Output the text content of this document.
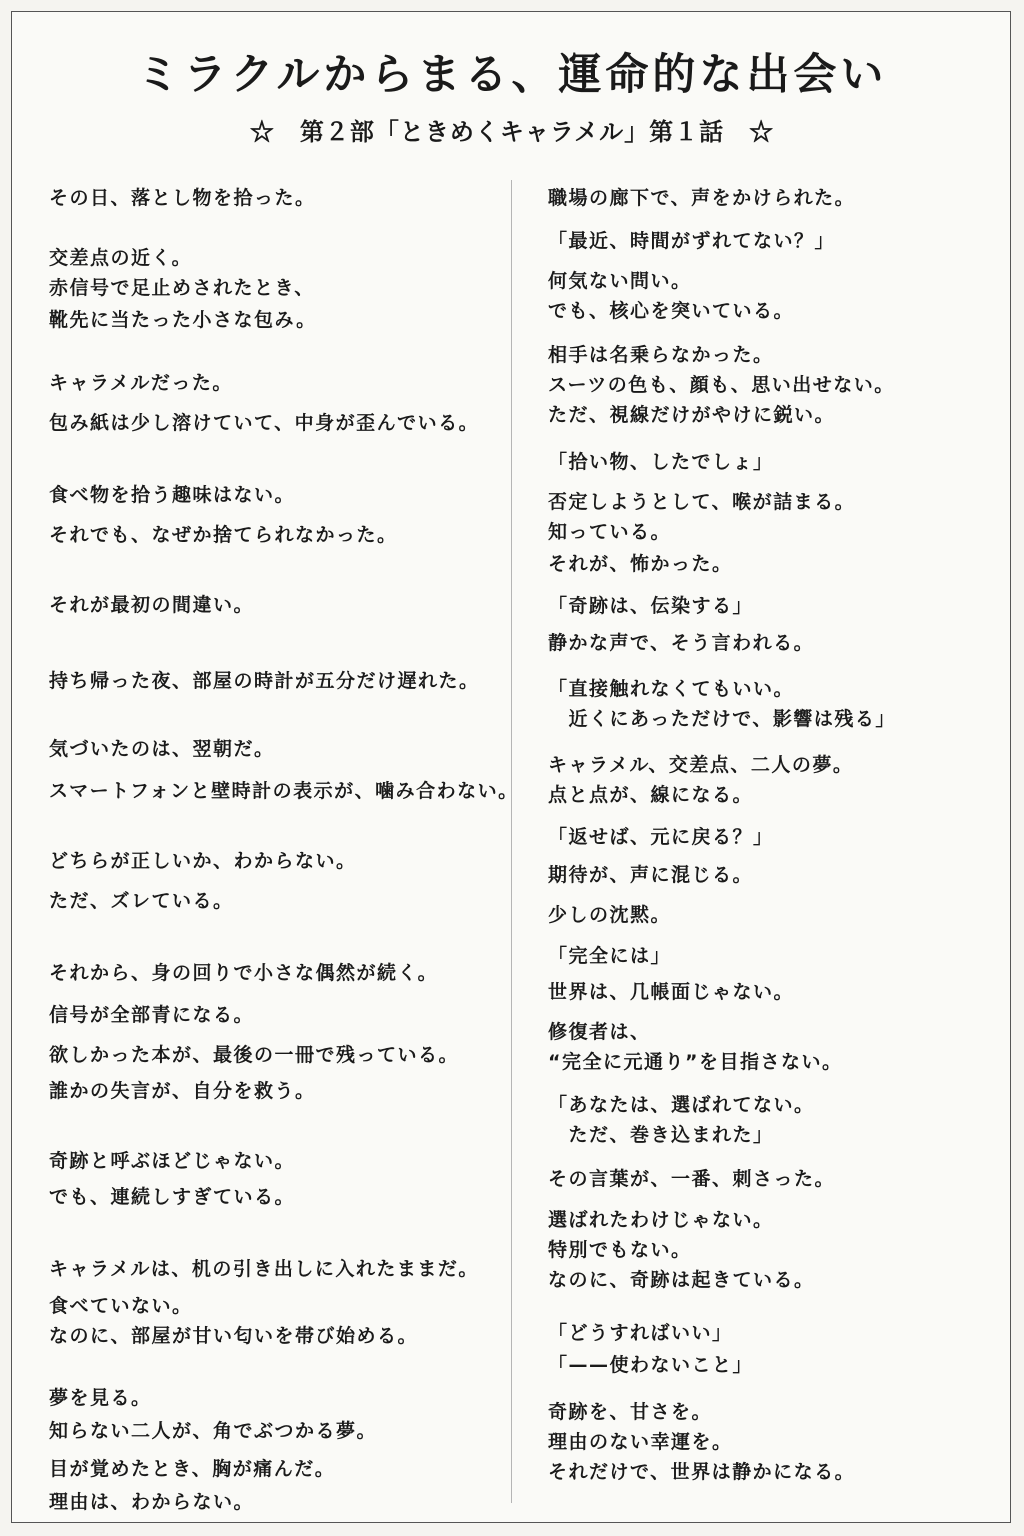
ミラクルからまる、運命的な出会い
☆　第２部「ときめくキャラメル」第１話　☆
その日、落とし物を拾った。
交差点の近く。
赤信号で足止めされたとき、
靴先に当たった小さな包み。
キャラメルだった。
包み紙は少し溶けていて、中身が歪んでいる。
食べ物を拾う趣味はない。
それでも、なぜか捨てられなかった。
それが最初の間違い。
持ち帰った夜、部屋の時計が五分だけ遅れた。
気づいたのは、翌朝だ。
スマートフォンと壁時計の表示が、噛み合わない。
どちらが正しいか、わからない。
ただ、ズレている。
それから、身の回りで小さな偶然が続く。
信号が全部青になる。
欲しかった本が、最後の一冊で残っている。
誰かの失言が、自分を救う。
奇跡と呼ぶほどじゃない。
でも、連続しすぎている。
キャラメルは、机の引き出しに入れたままだ。
食べていない。
なのに、部屋が甘い匂いを帯び始める。
夢を見る。
知らない二人が、角でぶつかる夢。
目が覚めたとき、胸が痛んだ。
理由は、わからない。
職場の廊下で、声をかけられた。
「最近、時間がずれてない？」
何気ない問い。
でも、核心を突いている。
相手は名乗らなかった。
スーツの色も、顔も、思い出せない。
ただ、視線だけがやけに鋭い。
「拾い物、したでしょ」
否定しようとして、喉が詰まる。
知っている。
それが、怖かった。
「奇跡は、伝染する」
静かな声で、そう言われる。
「直接触れなくてもいい。
　近くにあっただけで、影響は残る」
キャラメル、交差点、二人の夢。
点と点が、線になる。
「返せば、元に戻る？」
期待が、声に混じる。
少しの沈黙。
「完全には」
世界は、几帳面じゃない。
修復者は、
“完全に元通り”を目指さない。
「あなたは、選ばれてない。
　ただ、巻き込まれた」
その言葉が、一番、刺さった。
選ばれたわけじゃない。
特別でもない。
なのに、奇跡は起きている。
「どうすればいい」
「——使わないこと」
奇跡を、甘さを。
理由のない幸運を。
それだけで、世界は静かになる。
